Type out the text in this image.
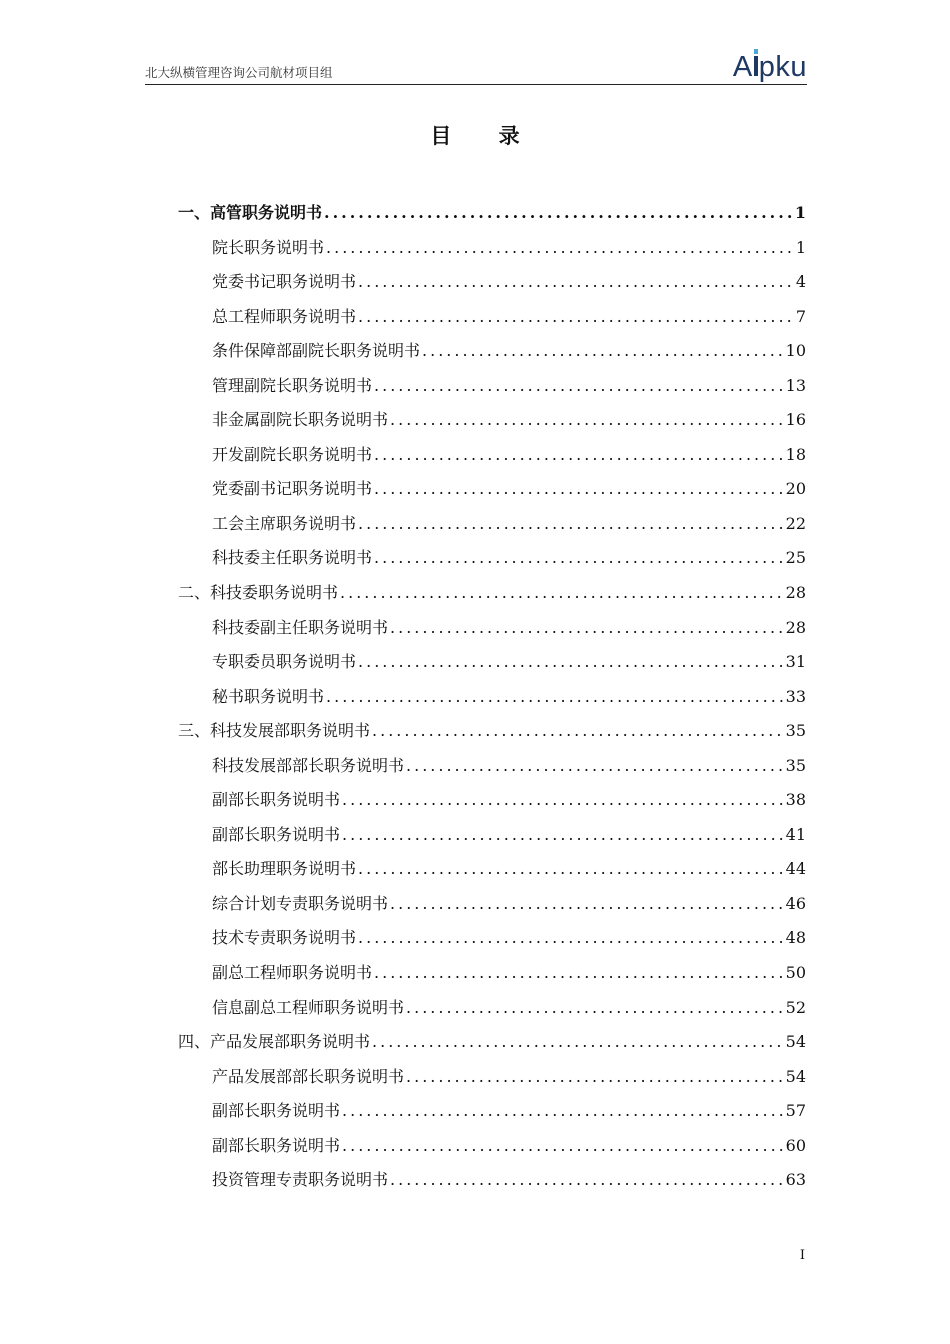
北大纵横管理咨询公司航材项目组	A pku
目 录
一、高管职务说明书 .....	1
院长职务说明书 .....	1
党委书记职务说明书 .....	4
总工程师职务说明书 .....	7
条件保障部副院长职务说明书 .....	10
管理副院长职务说明书 .....	13
非金属副院长职务说明书 .....	16
开发副院长职务说明书 .....	18
党委副书记职务说明书 .....	20
工会主席职务说明书 .....	22
科技委主任职务说明书 .....	25
二、科技委职务说明书 .....	28
科技委副主任职务说明书 .....	28
专职委员职务说明书 .....	31
秘书职务说明书 .....	33
三、科技发展部职务说明书 .....	35
科技发展部部长职务说明书 .....	35
副部长职务说明书 .....	38
副部长职务说明书 .....	41
部长助理职务说明书 .....	44
综合计划专责职务说明书 .....	46
技术专责职务说明书 .....	48
副总工程师职务说明书 .....	50
信息副总工程师职务说明书 .....	52
四、产品发展部职务说明书 .....	54
产品发展部部长职务说明书 .....	54
副部长职务说明书 .....	57
副部长职务说明书 .....	60
投资管理专责职务说明书 .....	63
I
